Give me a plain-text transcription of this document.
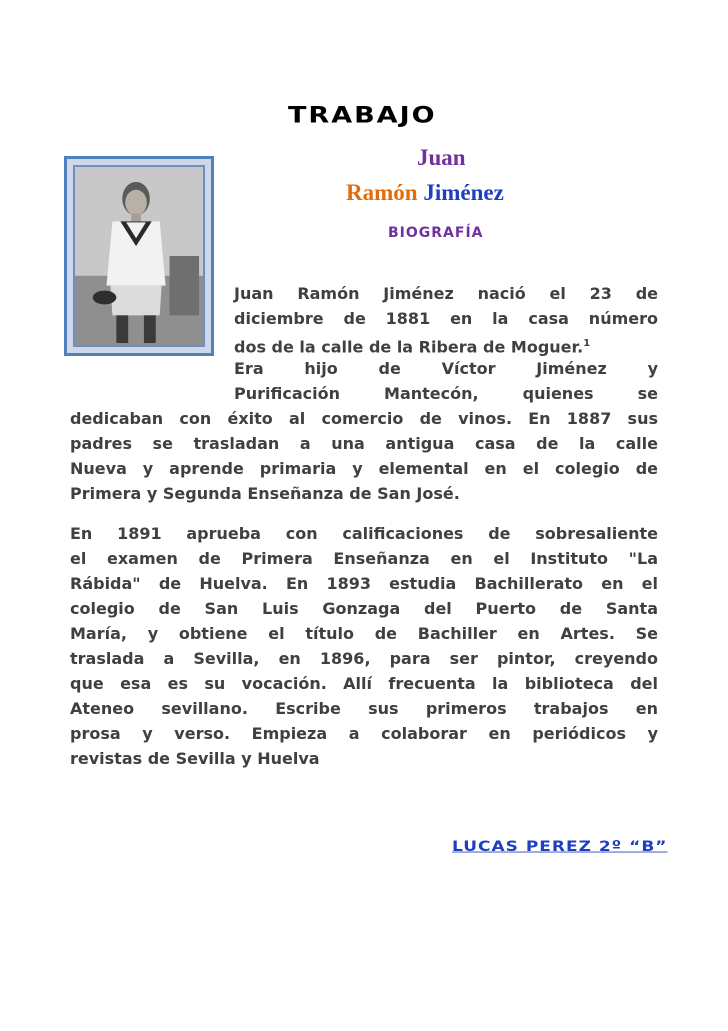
TRABAJO
Juan
Ramón Jiménez
BIOGRAFÍA
Juan Ramón Jiménez nació el 23 de
diciembre de 1881 en la casa número
dos de la calle de la Ribera de Moguer.$^1$
Era hijo de Víctor Jiménez y
Purificación Mantecón, quienes se
dedicaban con éxito al comercio de vinos. En 1887 sus
padres se trasladan a una antigua casa de la calle
Nueva y aprende primaria y elemental en el colegio de
Primera y Segunda Enseñanza de San José.
En 1891 aprueba con calificaciones de sobresaliente
el examen de Primera Enseñanza en el Instituto "La
Rábida" de Huelva. En 1893 estudia Bachillerato en el
colegio de San Luis Gonzaga del Puerto de Santa
María, y obtiene el título de Bachiller en Artes. Se
traslada a Sevilla, en 1896, para ser pintor, creyendo
que esa es su vocación. Allí frecuenta la biblioteca del
Ateneo sevillano. Escribe sus primeros trabajos en
prosa y verso. Empieza a colaborar en periódicos y
revistas de Sevilla y Huelva
LUCAS PEREZ 2º “B”
